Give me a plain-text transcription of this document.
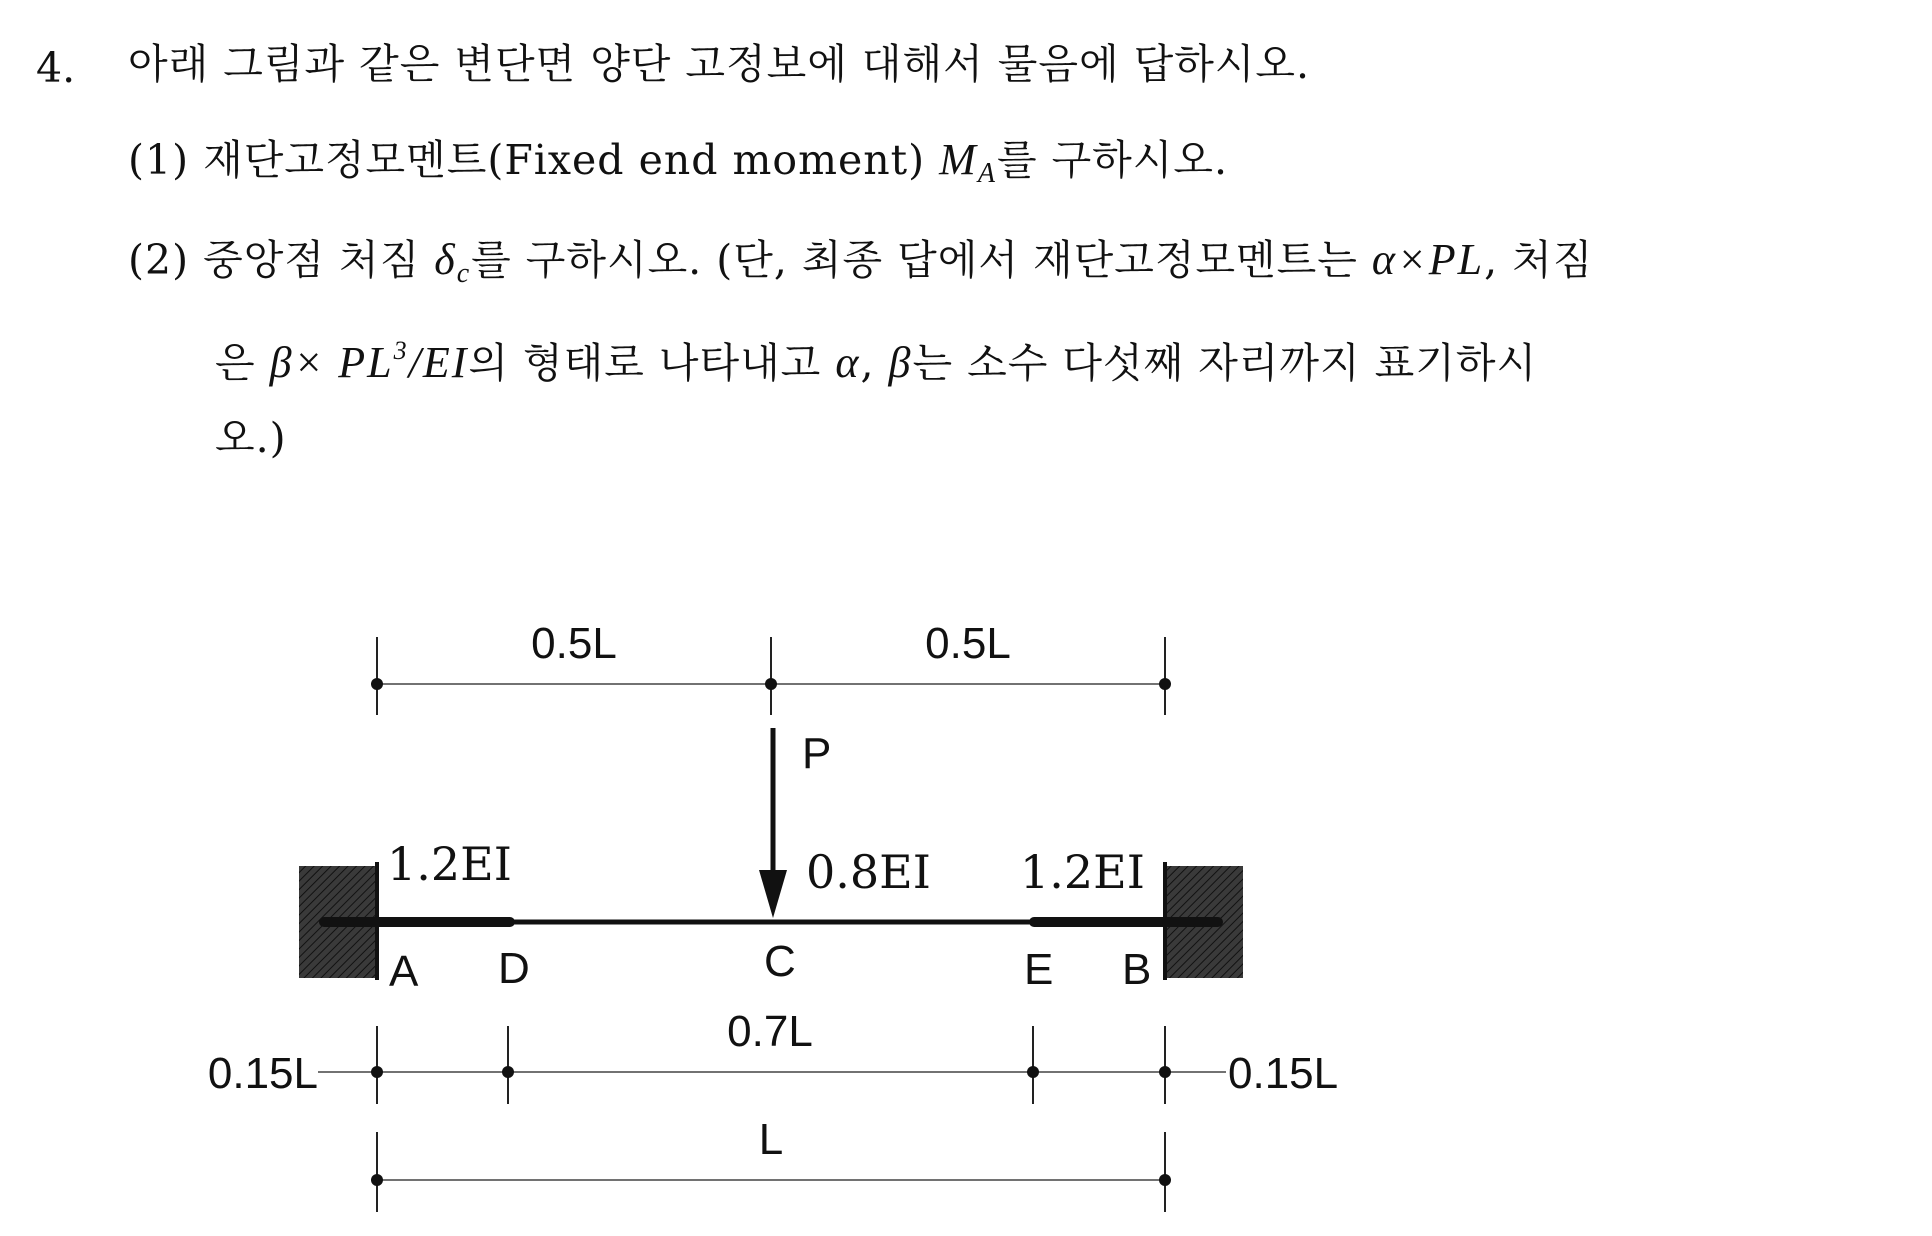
4. 아래 그림과 같은 변단면 양단 고정보에 대해서 물음에 답하시오.
(1) 재단고정모멘트(Fixed end moment) $M_A$를 구하시오.
(2) 중앙점 처짐 $\delta_c$를 구하시오. (단, 최종 답에서 재단고정모멘트는 α×PL, 처짐
은 $\beta\times PL^3/EI$의 형태로 나타내고 α, β는 소수 다섯째 자리까지 표기하시
오.)
0.5L	0.5L
P
1.2EI	0.8EI 1.2EI
A D	C	E B
0.15L
0.7L
0.15L
L
